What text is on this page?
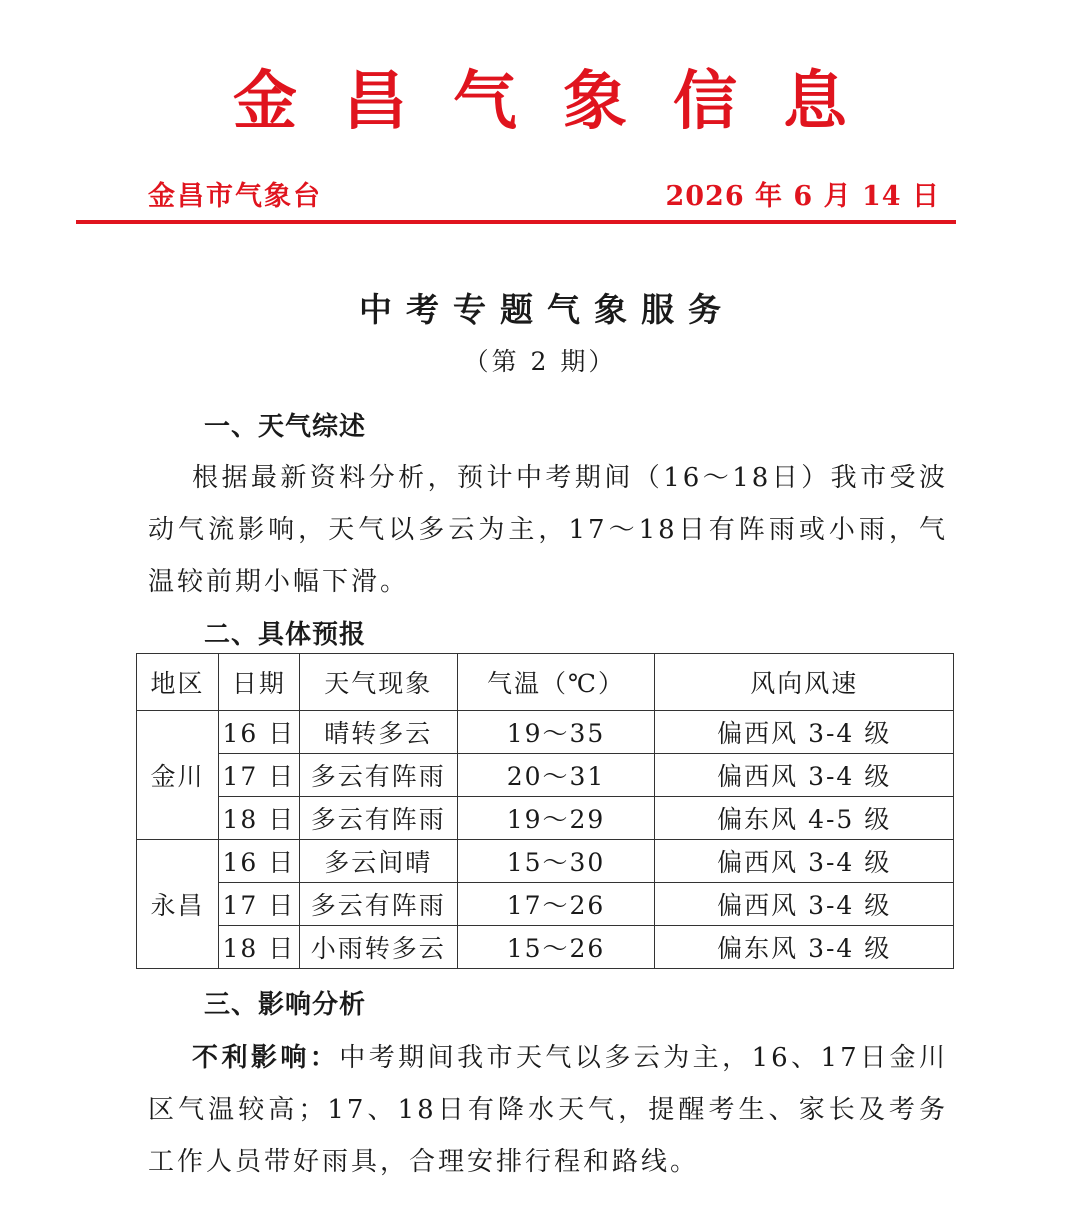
金昌气象信息
金昌市气象台	2026 年 6 月 14 日
中考专题气象服务
（第 2 期）
一、天气综述
根据最新资料分析，预计中考期间（16～18日）我市受波动气流影响，天气以多云为主，17～18日有阵雨或小雨，气温较前期小幅下滑。
二、具体预报
地区	日期	天气现象	气温（℃）	风向风速
金川	16 日	晴转多云	19～35	偏西风 3-4 级
	17 日	多云有阵雨	20～31	偏西风 3-4 级
	18 日	多云有阵雨	19～29	偏东风 4-5 级
永昌	16 日	多云间晴	15～30	偏西风 3-4 级
	17 日	多云有阵雨	17～26	偏西风 3-4 级
	18 日	小雨转多云	15～26	偏东风 3-4 级
三、影响分析
不利影响：中考期间我市天气以多云为主，16、17日金川区气温较高；17、18日有降水天气，提醒考生、家长及考务工作人员带好雨具，合理安排行程和路线。
